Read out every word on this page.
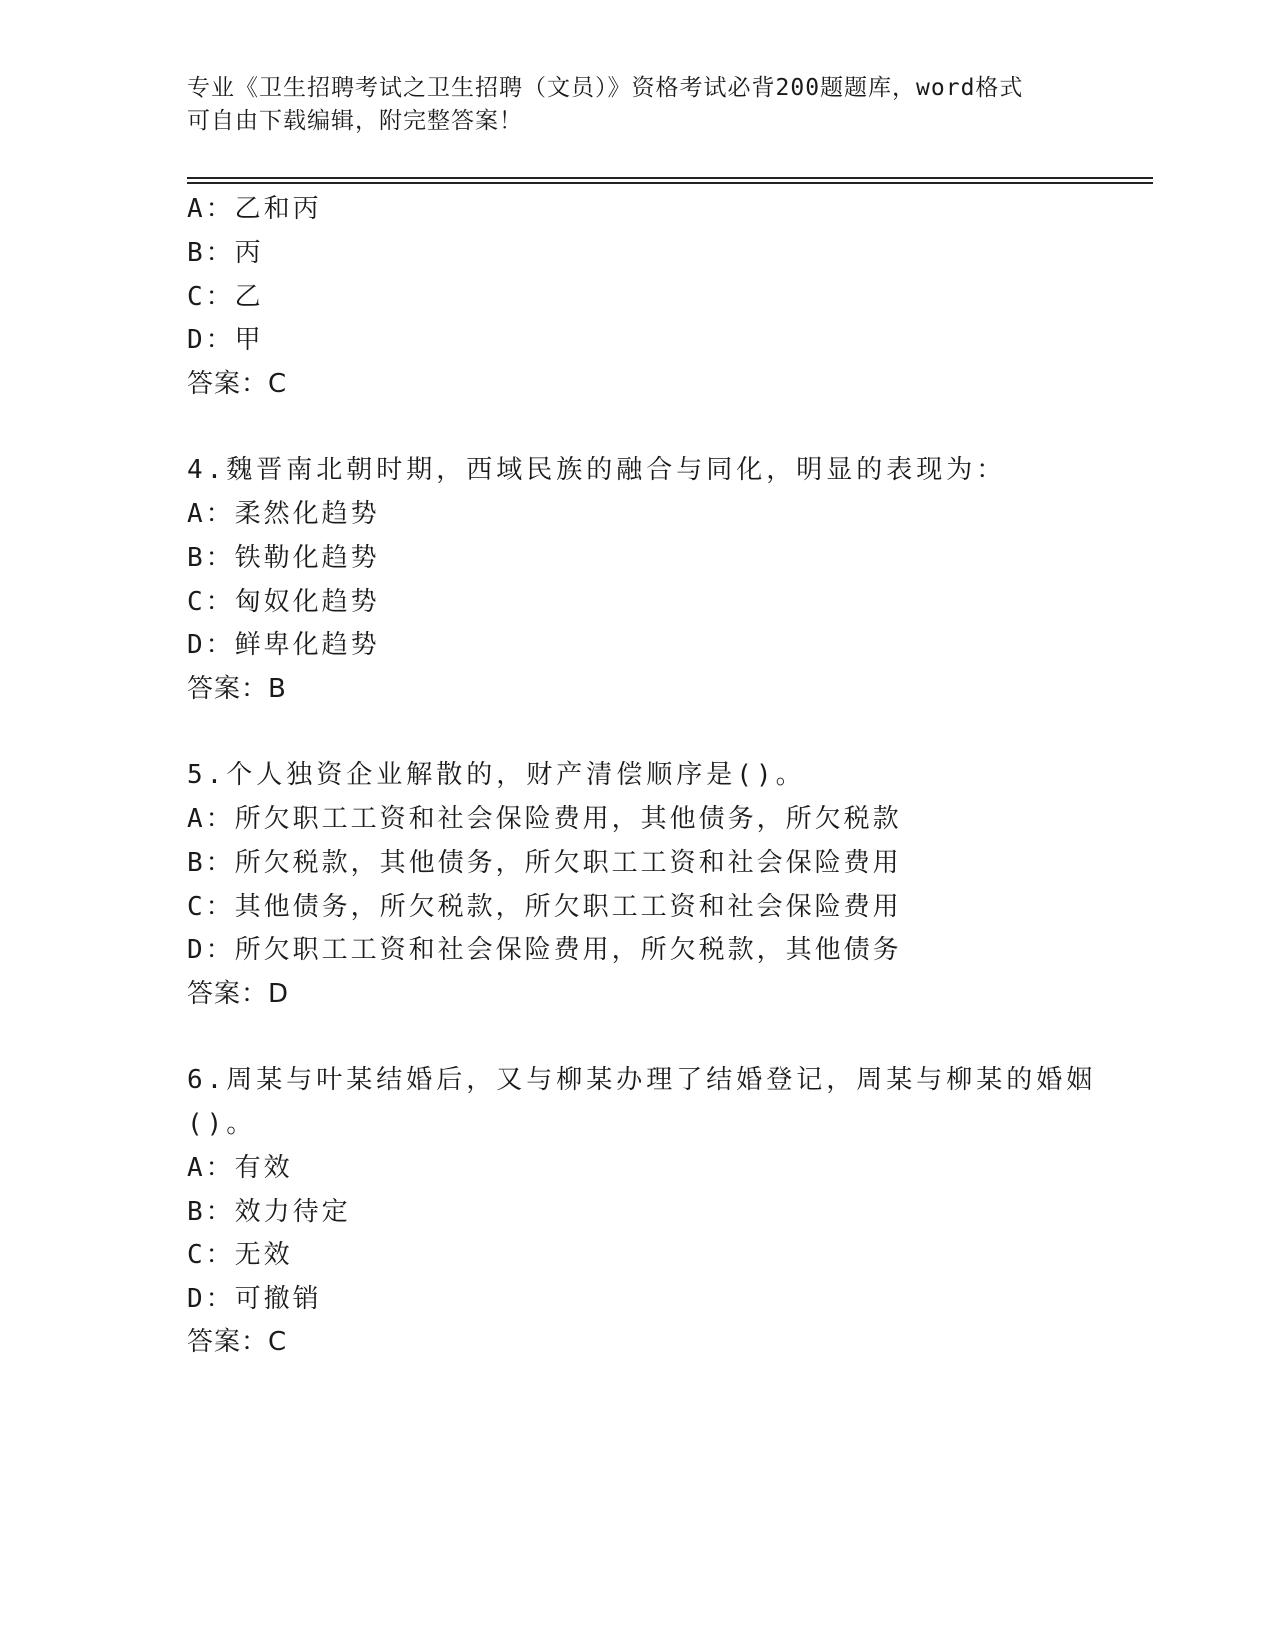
专业《卫生招聘考试之卫生招聘（文员）》资格考试必背200题题库，word格式
可自由下载编辑，附完整答案！
A：乙和丙
B：丙
C：乙
D：甲
答案：C
4.魏晋南北朝时期，西域民族的融合与同化，明显的表现为：
A：柔然化趋势
B：铁勒化趋势
C：匈奴化趋势
D：鲜卑化趋势
答案：B
5.个人独资企业解散的，财产清偿顺序是()。
A：所欠职工工资和社会保险费用，其他债务，所欠税款
B：所欠税款，其他债务，所欠职工工资和社会保险费用
C：其他债务，所欠税款，所欠职工工资和社会保险费用
D：所欠职工工资和社会保险费用，所欠税款，其他债务
答案：D
6.周某与叶某结婚后，又与柳某办理了结婚登记，周某与柳某的婚姻
()。
A：有效
B：效力待定
C：无效
D：可撤销
答案：C
